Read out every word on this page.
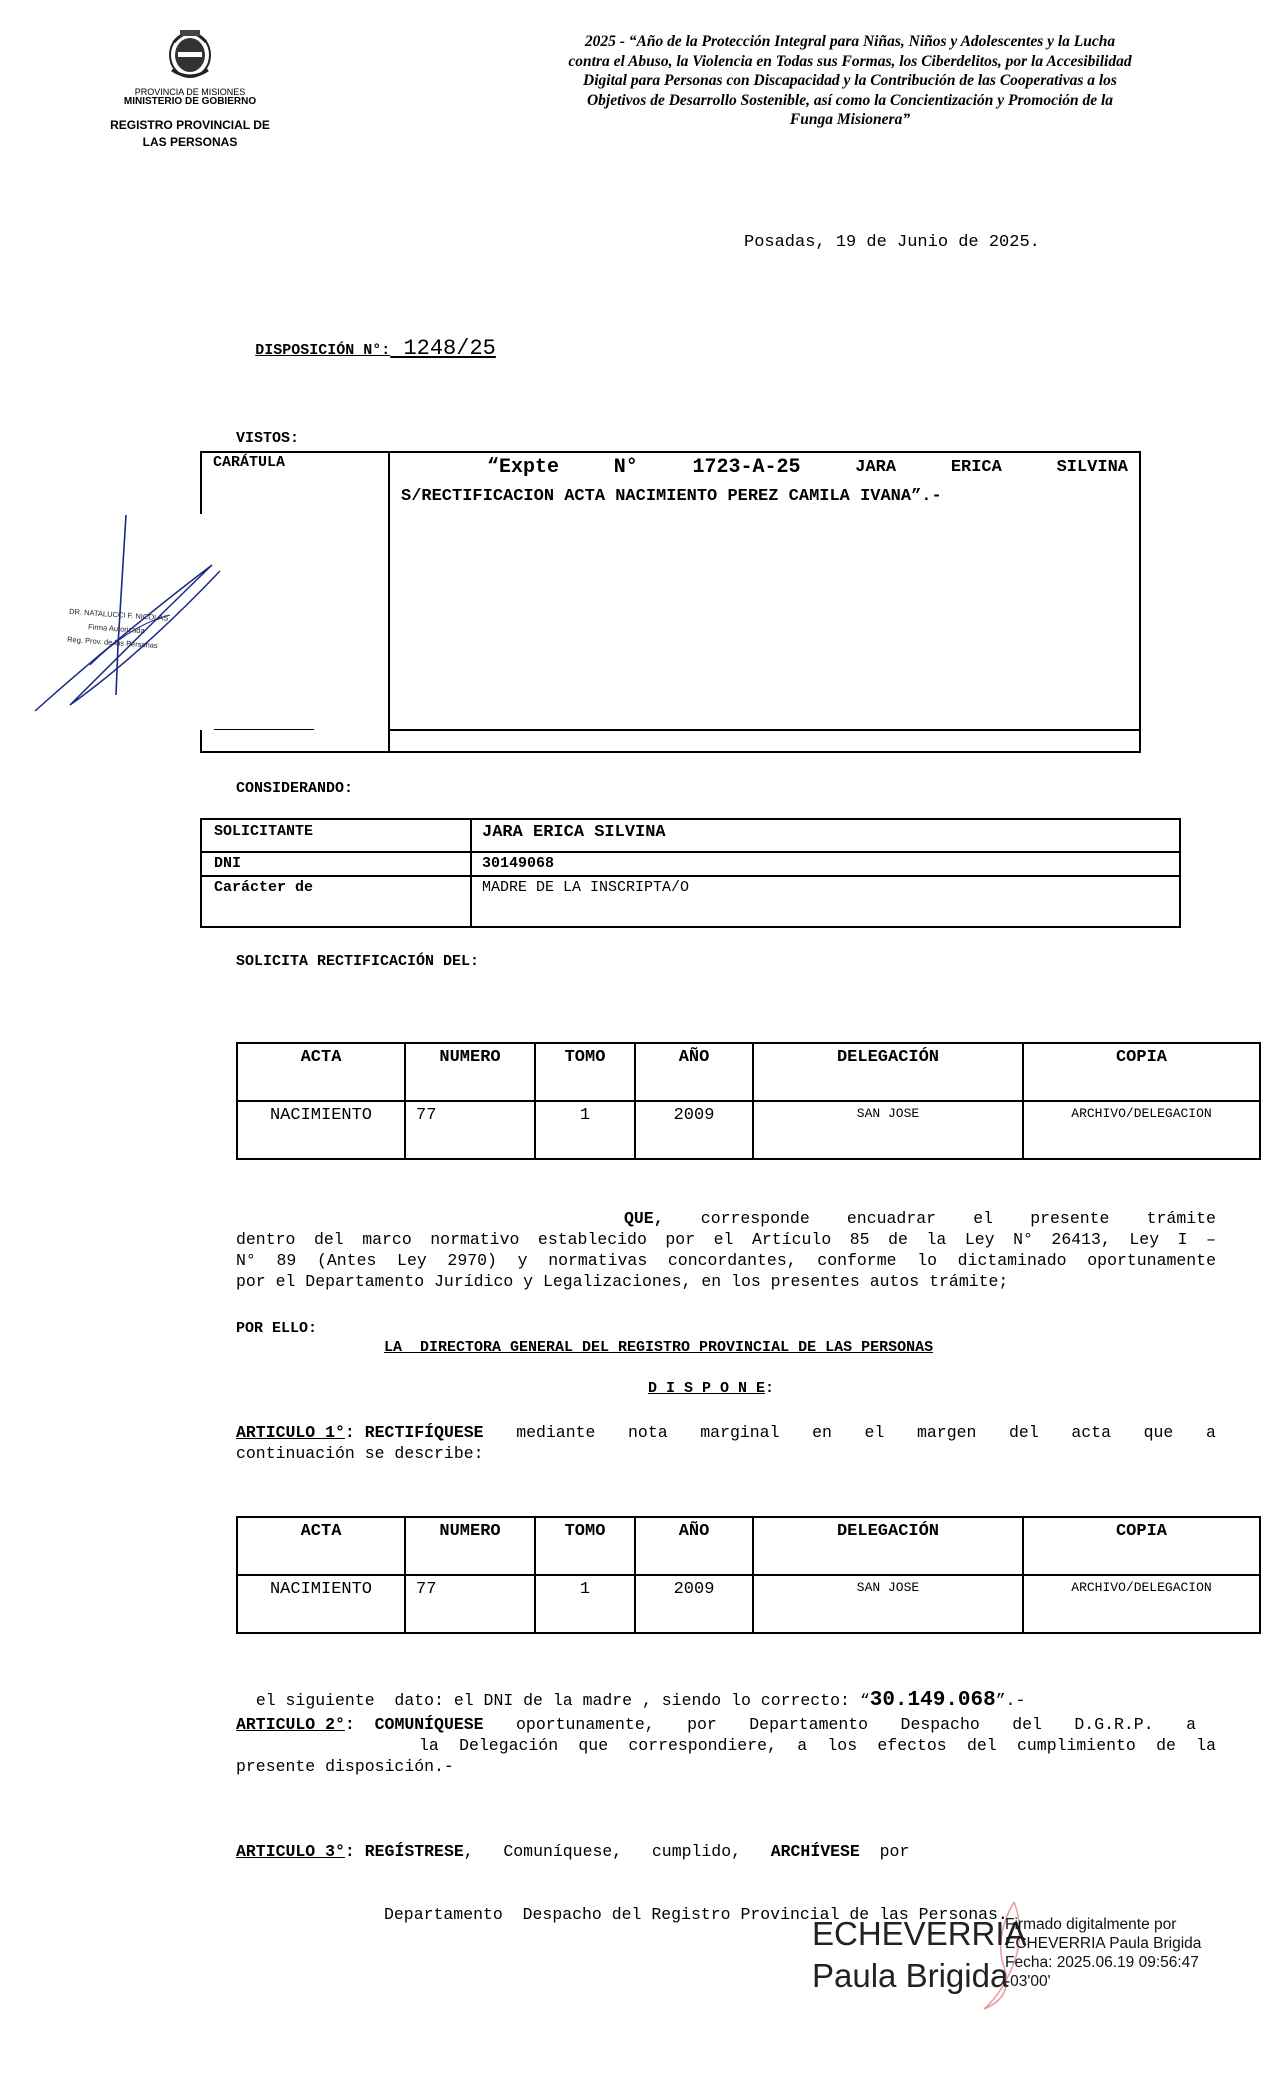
PROVINCIA DE MISIONES
MINISTERIO DE GOBIERNO
REGISTRO PROVINCIAL DE
LAS PERSONAS
2025 - “Año de la Protección Integral para Niñas, Niños y Adolescentes y la Lucha
contra el Abuso, la Violencia en Todas sus Formas, los Ciberdelitos, por la Accesibilidad
Digital para Personas con Discapacidad y la Contribución de las Cooperativas a los
Objetivos de Desarrollo Sostenible, así como la Concientización y Promoción de la
Funga Misionera”
Posadas, 19 de Junio de 2025.

DISPOSICIÓN N°: 1248/25

VISTOS:
CARÁTULA	“Expte	N°	1723-A-25	JARA	ERICA	SILVINA
S/RECTIFICACION ACTA NACIMIENTO PEREZ CAMILA IVANA”.-
DR. NATALUCCI F. NICOLAS
Firma Autorizada
Reg. Prov. de las Personas
CONSIDERANDO:
SOLICITANTE	JARA ERICA SILVINA
DNI	30149068
Carácter de	MADRE DE LA INSCRIPTA/O
SOLICITA RECTIFICACIÓN DEL:
ACTA	NUMERO	TOMO	AÑO	DELEGACIÓN	COPIA
NACIMIENTO	77	1	2009	SAN JOSE	ARCHIVO/DELEGACION
QUE, corresponde encuadrar el presente trámite
dentro del marco normativo establecido por el Artículo 85 de la Ley N° 26413, Ley I –
N° 89 (Antes Ley 2970) y normativas concordantes, conforme lo dictaminado oportunamente
por el Departamento Jurídico y Legalizaciones, en los presentes autos trámite;
POR ELLO:
LA  DIRECTORA GENERAL DEL REGISTRO PROVINCIAL DE LAS PERSONAS
D I S P O N E:
ARTICULO 1°: RECTIFÍQUESE mediante nota marginal en el margen del acta que a
continuación se describe:
ACTA	NUMERO	TOMO	AÑO	DELEGACIÓN	COPIA
NACIMIENTO	77	1	2009	SAN JOSE	ARCHIVO/DELEGACION

el siguiente  dato: el DNI de la madre , siendo lo correcto: “30.149.068”.-

ARTICULO 2°: COMUNÍQUESE oportunamente, por Departamento Despacho del D.G.R.P. a
la Delegación que correspondiere, a los efectos del cumplimiento de la
presente disposición.-

ARTICULO 3°: REGÍSTRESE,   Comuníquese,   cumplido,   ARCHÍVESE  por

Departamento  Despacho del Registro Provincial de las Personas.

ECHEVERRIA
Paula Brigida
Firmado digitalmente por
ECHEVERRIA Paula Brigida
Fecha: 2025.06.19 09:56:47
-03'00'
